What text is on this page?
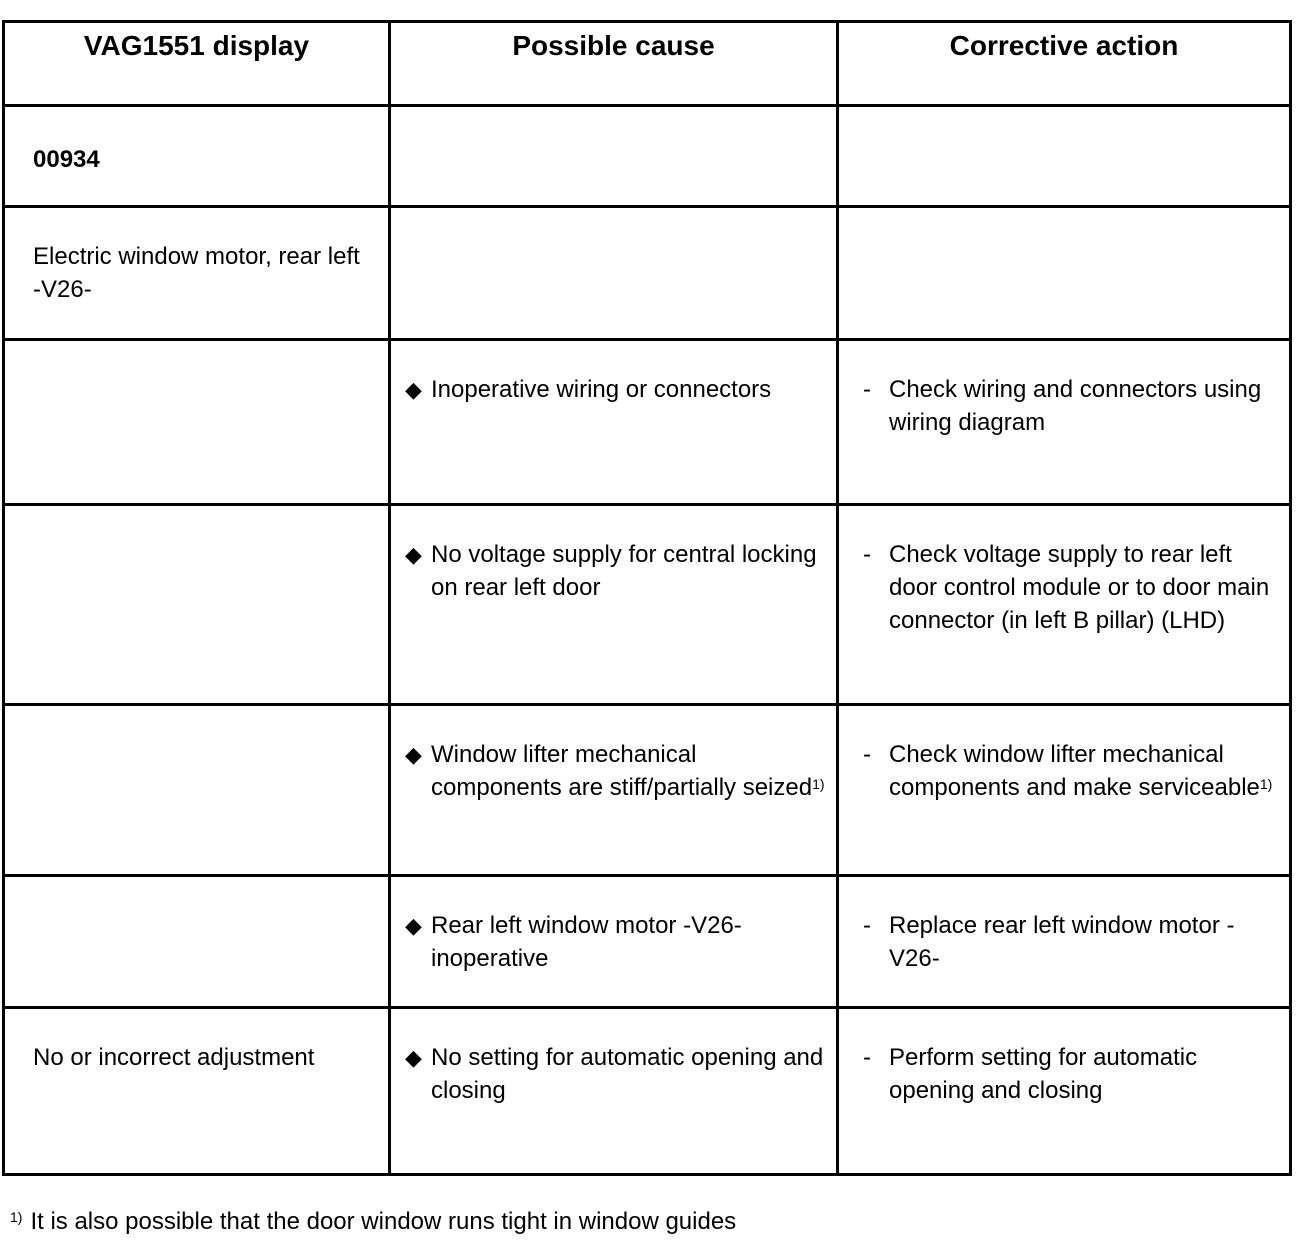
VAG1551 display	Possible cause	Corrective action
00934		
Electric window motor, rear left -V26-		

	◆ Inoperative wiring or connectors	- Check wiring and connectors using wiring diagram

	◆ No voltage supply for central locking on rear left door	- Check voltage supply to rear left door control module or to door main connector (in left B pillar) (LHD)

	◆ Window lifter mechanical components are stiff/partially seized$^{1)}$	- Check window lifter mechanical components and make serviceable$^{1)}$

	◆ Rear left window motor -V26- inoperative	- Replace rear left window motor -V26-

No or incorrect adjustment	◆ No setting for automatic opening and closing	- Perform setting for automatic opening and closing
$^{1)}$ It is also possible that the door window runs tight in window guides
